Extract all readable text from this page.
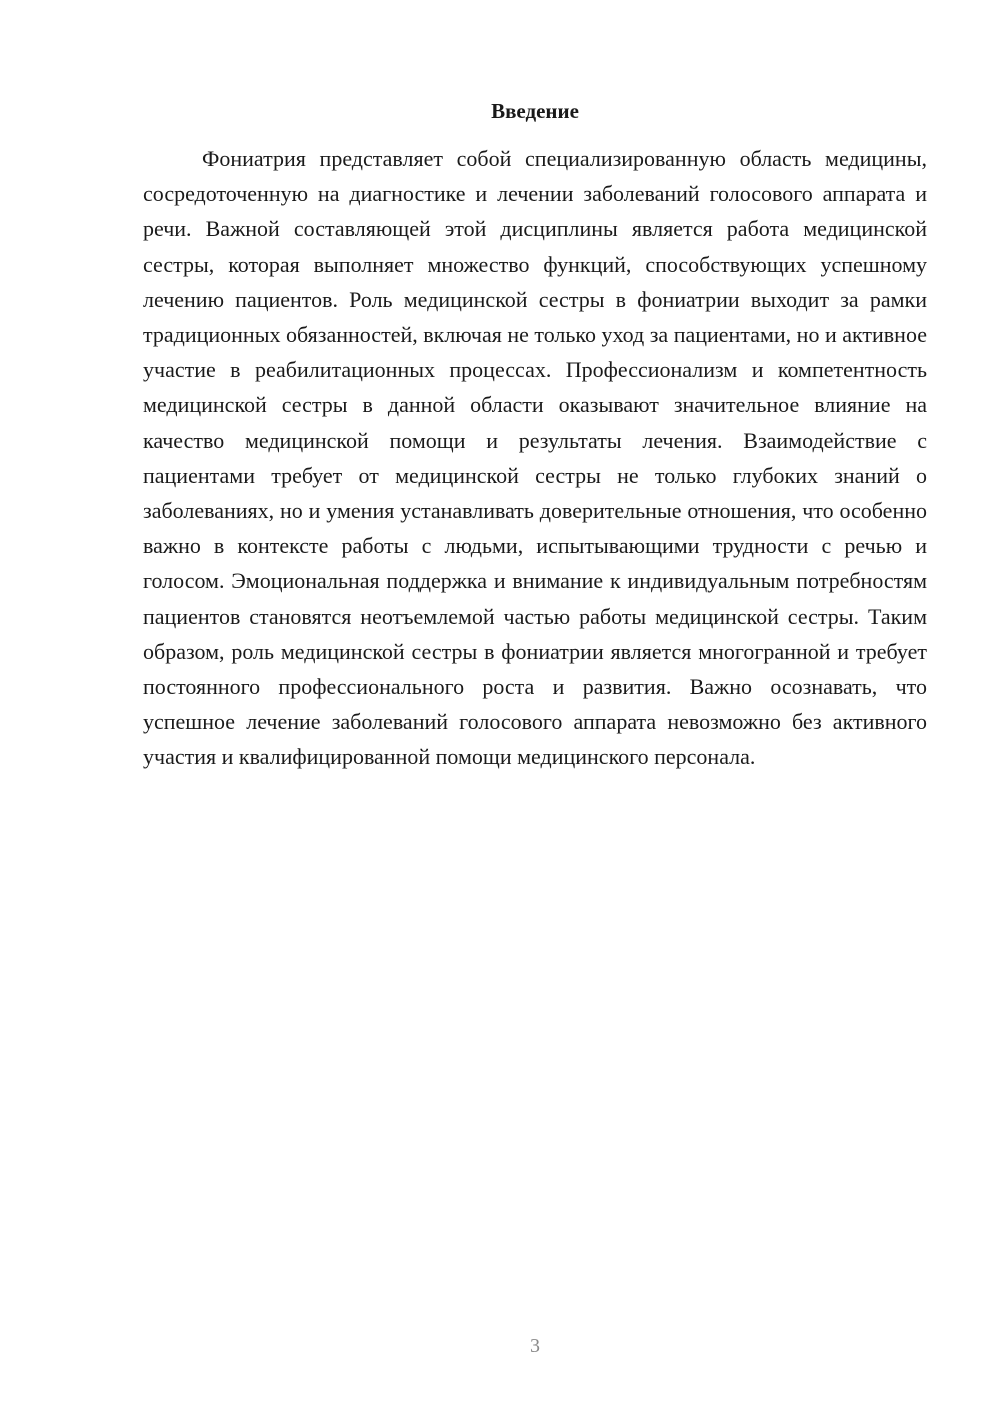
Введение

Фониатрия представляет собой специализированную область медицины, сосредоточенную на диагностике и лечении заболеваний голосового аппарата и речи. Важной составляющей этой дисциплины является работа медицинской сестры, которая выполняет множество функций, способствующих успешному лечению пациентов. Роль медицинской сестры в фониатрии выходит за рамки традиционных обязанностей, включая не только уход за пациентами, но и активное участие в реабилитационных процессах. Профессионализм и компетентность медицинской сестры в данной области оказывают значительное влияние на качество медицинской помощи и результаты лечения. Взаимодействие с пациентами требует от медицинской сестры не только глубоких знаний о заболеваниях, но и умения устанавливать доверительные отношения, что особенно важно в контексте работы с людьми, испытывающими трудности с речью и голосом. Эмоциональная поддержка и внимание к индивидуальным потребностям пациентов становятся неотъемлемой частью работы медицинской сестры. Таким образом, роль медицинской сестры в фониатрии является многогранной и требует постоянного профессионального роста и развития. Важно осознавать, что успешное лечение заболеваний голосового аппарата невозможно без активного участия и квалифицированной помощи медицинского персонала.

3
